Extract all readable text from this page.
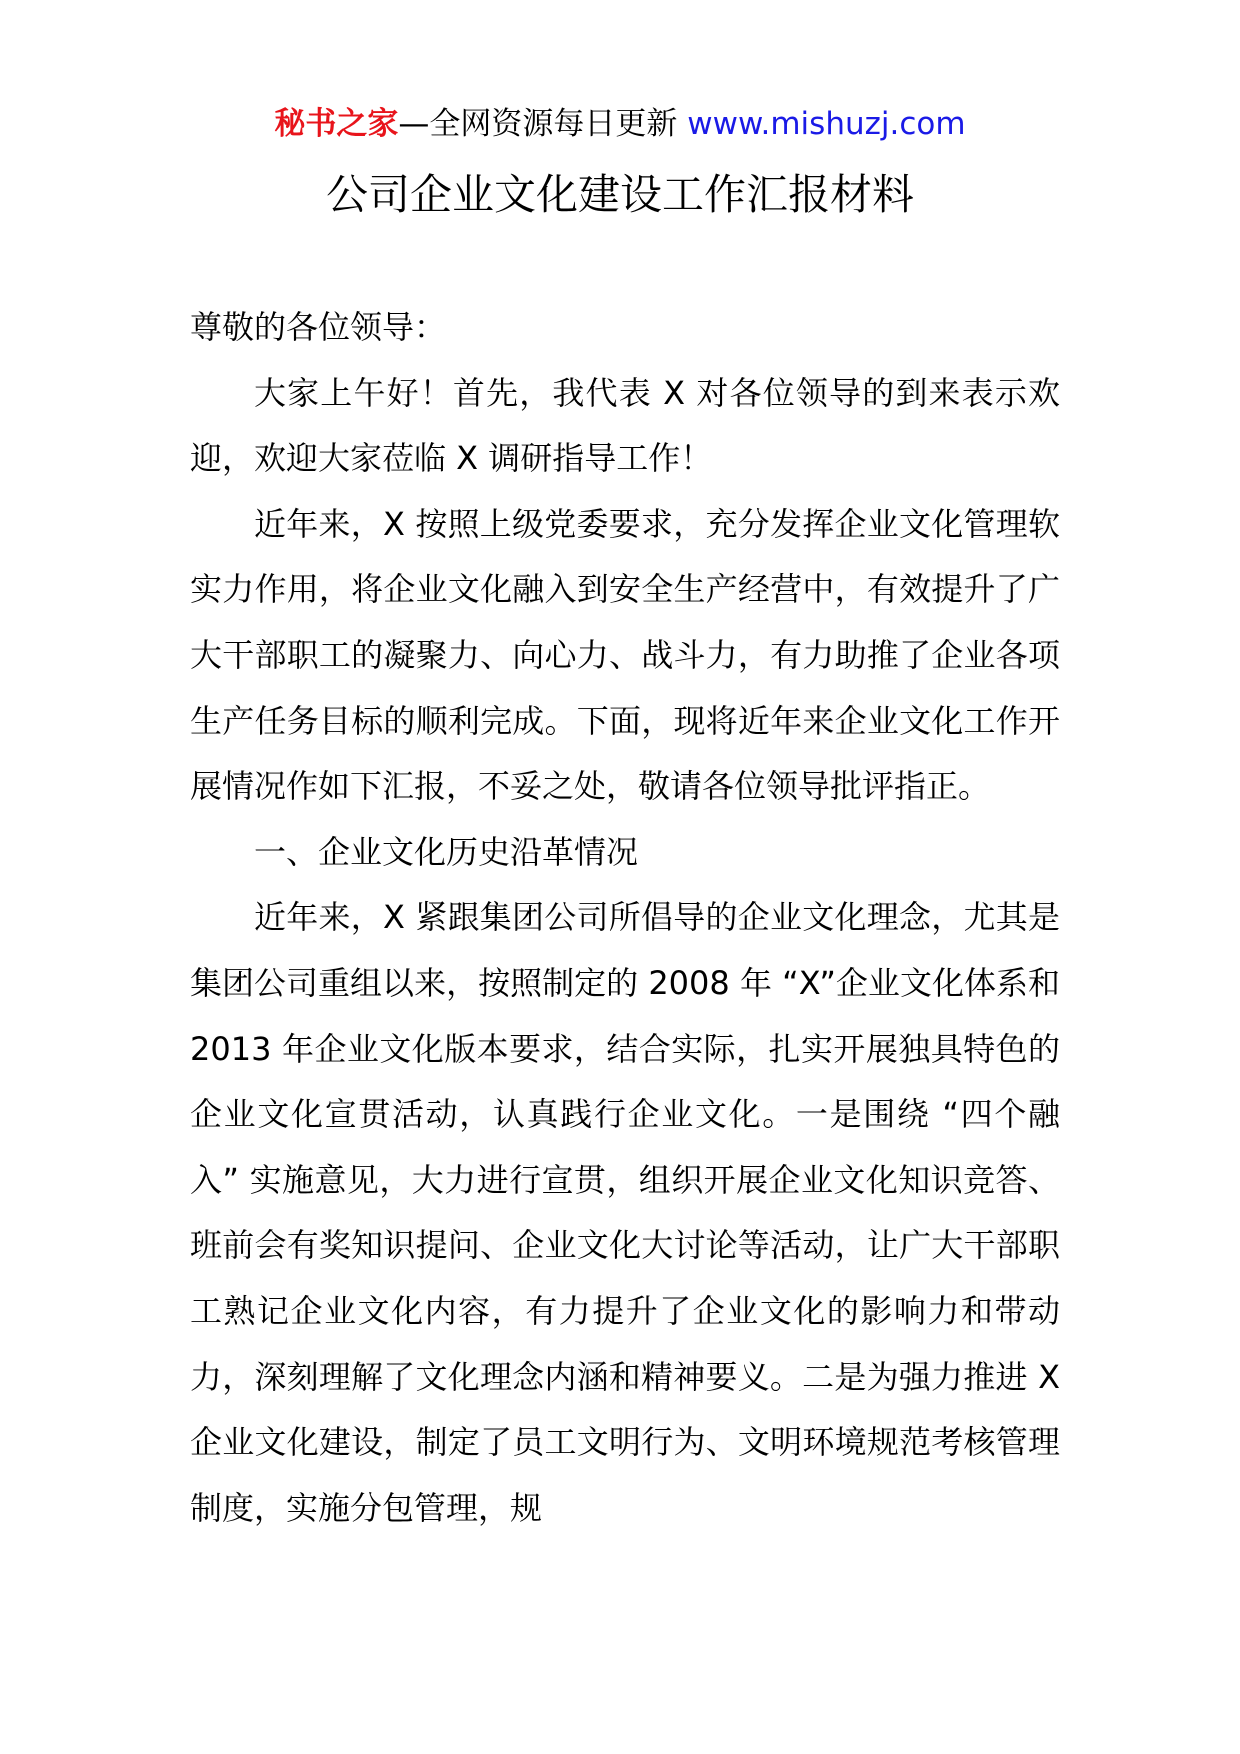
秘书之家—全网资源每日更新 www.mishuzj.com
公司企业文化建设工作汇报材料

尊敬的各位领导：

大家上午好！首先，我代表 X 对各位领导的到来表示欢迎，欢迎大家莅临 X 调研指导工作！

近年来，X 按照上级党委要求，充分发挥企业文化管理软实力作用，将企业文化融入到安全生产经营中，有效提升了广大干部职工的凝聚力、向心力、战斗力，有力助推了企业各项生产任务目标的顺利完成。下面，现将近年来企业文化工作开展情况作如下汇报，不妥之处，敬请各位领导批评指正。

一、企业文化历史沿革情况

近年来，X 紧跟集团公司所倡导的企业文化理念，尤其是集团公司重组以来，按照制定的 2008 年 “X”企业文化体系和 2013 年企业文化版本要求，结合实际，扎实开展独具特色的企业文化宣贯活动，认真践行企业文化。一是围绕 “四个融入” 实施意见，大力进行宣贯，组织开展企业文化知识竞答、班前会有奖知识提问、企业文化大讨论等活动，让广大干部职工熟记企业文化内容，有力提升了企业文化的影响力和带动力，深刻理解了文化理念内涵和精神要义。二是为强力推进 X 企业文化建设，制定了员工文明行为、文明环境规范考核管理制度，实施分包管理，规
